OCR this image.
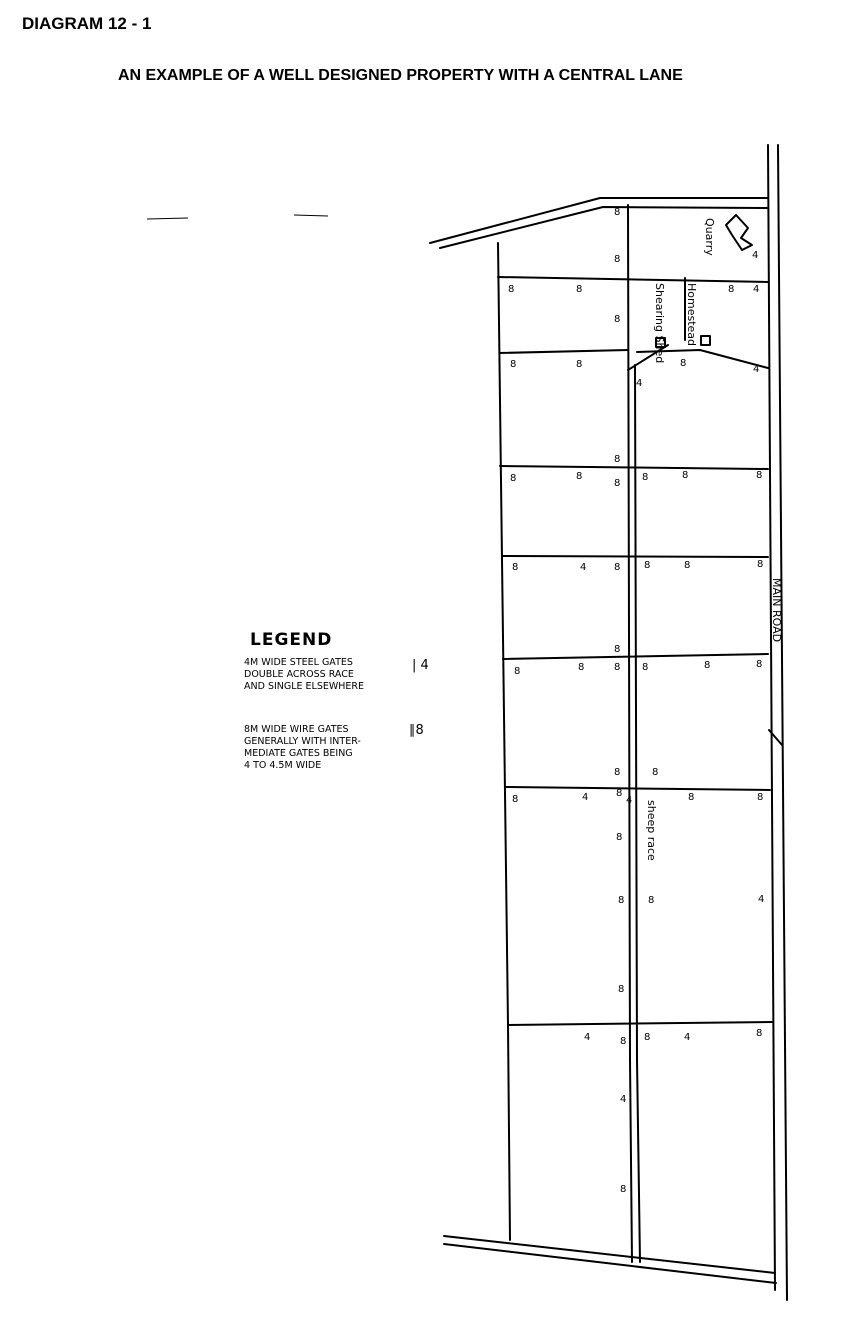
DIAGRAM 12 - 1
AN EXAMPLE OF A WELL DESIGNED PROPERTY WITH A CENTRAL LANE
Quarry
Shearing Shed Homestead
sheep race
MAIN ROAD
8
8	4
8	8	8 4
8
8	8	8
4
4
8	8
8
8
8	8	8
8	4	8 8	8	8
8	8
8
8 8	8	8
8	8
8	4	8
4	8	8
8
8 8	4
8
4	8 8	4	8
4
8
LEGEND
4M WIDE STEEL GATES
DOUBLE ACROSS RACE
AND SINGLE ELSEWHERE
| 4
8M WIDE WIRE GATES
GENERALLY WITH INTER-
MEDIATE GATES BEING
4 TO 4.5M WIDE
∥8
